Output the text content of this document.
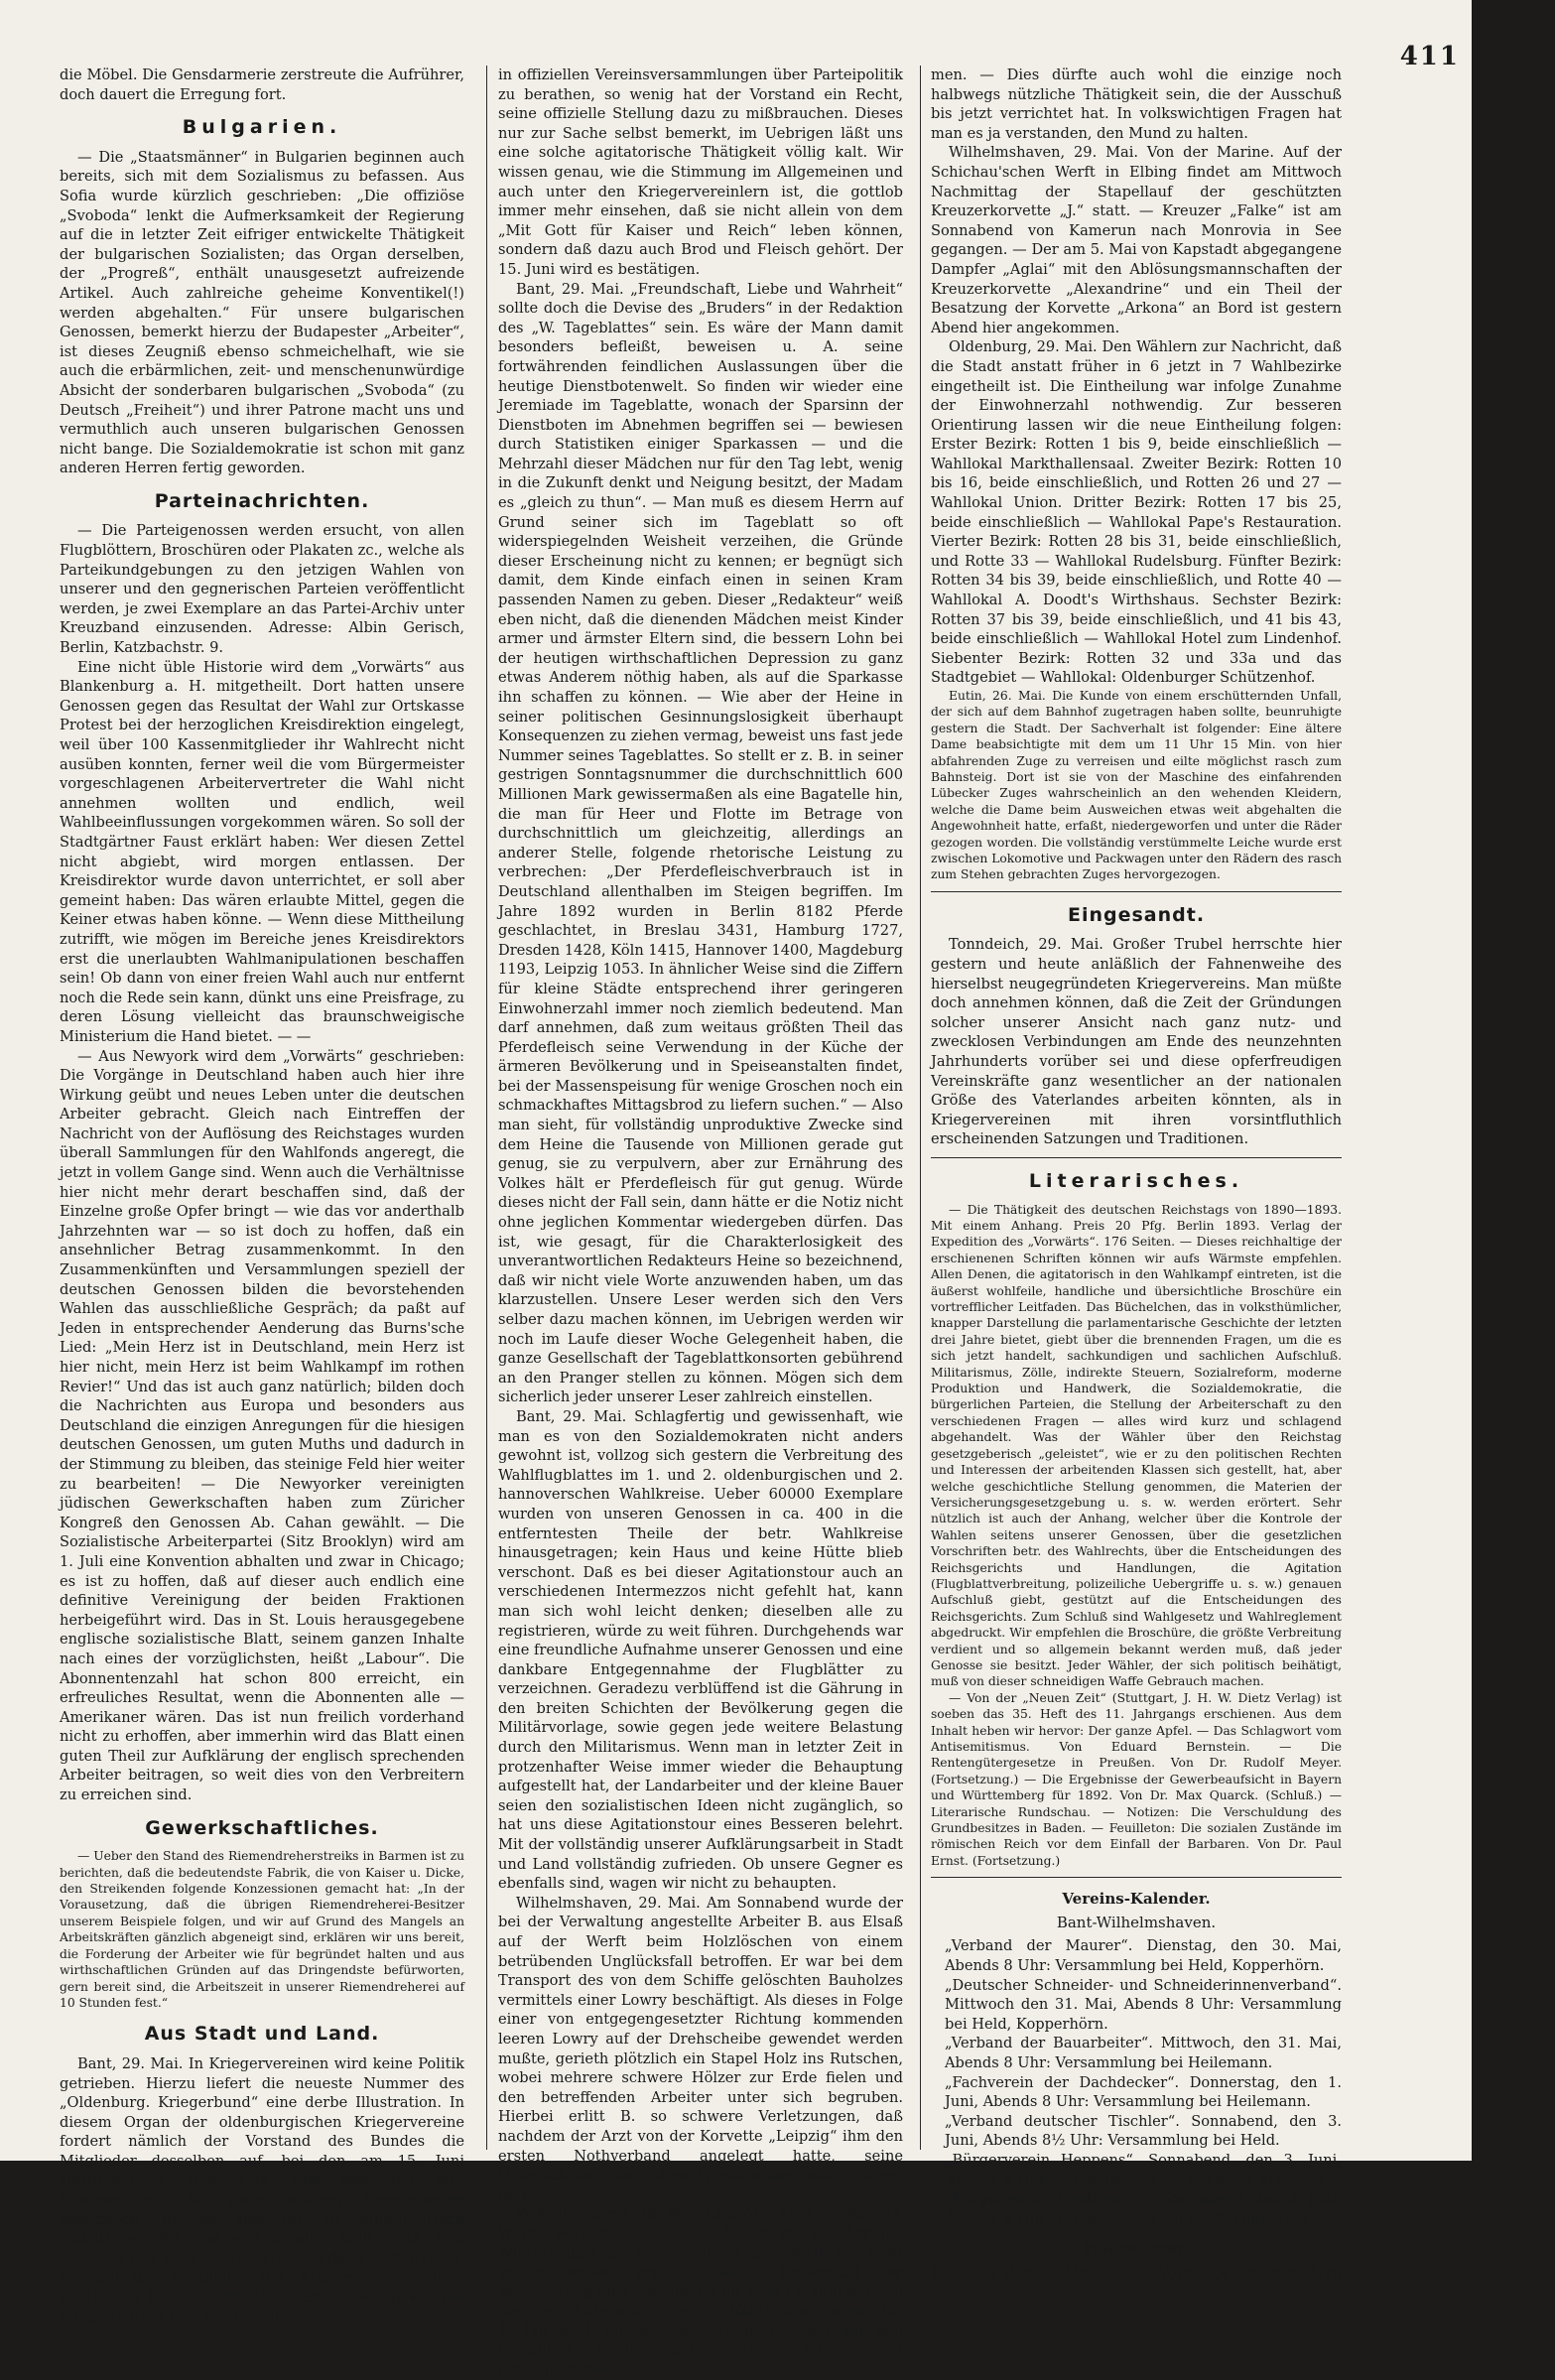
411

die Möbel. Die Gensdarmerie zerstreute die Aufrührer, doch dauert die Erregung fort.

Bulgarien.

— Die „Staatsmänner“ in Bulgarien beginnen auch bereits, sich mit dem Sozialismus zu befassen. Aus Sofia wurde kürzlich geschrieben: „Die offiziöse „Svoboda“ lenkt die Aufmerksamkeit der Regierung auf die in letzter Zeit eifriger entwickelte Thätigkeit der bulgarischen Sozialisten; das Organ derselben, der „Progreß“, enthält unausgesetzt aufreizende Artikel. Auch zahlreiche geheime Konventikel(!) werden abgehalten.“ Für unsere bulgarischen Genossen, bemerkt hierzu der Budapester „Arbeiter“, ist dieses Zeugniß ebenso schmeichelhaft, wie sie auch die erbärmlichen, zeit- und menschenunwürdige Absicht der sonderbaren bulgarischen „Svoboda“ (zu Deutsch „Freiheit“) und ihrer Patrone macht uns und vermuthlich auch unseren bulgarischen Genossen nicht bange. Die Sozialdemokratie ist schon mit ganz anderen Herren fertig geworden.

Parteinachrichten.

— Die Parteigenossen werden ersucht, von allen Flugblöttern, Broschüren oder Plakaten zc., welche als Parteikundgebungen zu den jetzigen Wahlen von unserer und den gegnerischen Parteien veröffentlicht werden, je zwei Exemplare an das Partei-Archiv unter Kreuzband einzusenden. Adresse: Albin Gerisch, Berlin, Katzbachstr. 9.

Eine nicht üble Historie wird dem „Vorwärts“ aus Blankenburg a. H. mitgetheilt. Dort hatten unsere Genossen gegen das Resultat der Wahl zur Ortskasse Protest bei der herzoglichen Kreisdirektion eingelegt, weil über 100 Kassenmitglieder ihr Wahlrecht nicht ausüben konnten, ferner weil die vom Bürgermeister vorgeschlagenen Arbeitervertreter die Wahl nicht annehmen wollten und endlich, weil Wahlbeeinflussungen vorgekommen wären. So soll der Stadtgärtner Faust erklärt haben: Wer diesen Zettel nicht abgiebt, wird morgen entlassen. Der Kreisdirektor wurde davon unterrichtet, er soll aber gemeint haben: Das wären erlaubte Mittel, gegen die Keiner etwas haben könne. — Wenn diese Mittheilung zutrifft, wie mögen im Bereiche jenes Kreisdirektors erst die unerlaubten Wahlmanipulationen beschaffen sein! Ob dann von einer freien Wahl auch nur entfernt noch die Rede sein kann, dünkt uns eine Preisfrage, zu deren Lösung vielleicht das braunschweigische Ministerium die Hand bietet. — —

— Aus Newyork wird dem „Vorwärts“ geschrieben: Die Vorgänge in Deutschland haben auch hier ihre Wirkung geübt und neues Leben unter die deutschen Arbeiter gebracht. Gleich nach Eintreffen der Nachricht von der Auflösung des Reichstages wurden überall Sammlungen für den Wahlfonds angeregt, die jetzt in vollem Gange sind. Wenn auch die Verhältnisse hier nicht mehr derart beschaffen sind, daß der Einzelne große Opfer bringt — wie das vor anderthalb Jahrzehnten war — so ist doch zu hoffen, daß ein ansehnlicher Betrag zusammenkommt. In den Zusammenkünften und Versammlungen speziell der deutschen Genossen bilden die bevorstehenden Wahlen das ausschließliche Gespräch; da paßt auf Jeden in entsprechender Aenderung das Burns'sche Lied: „Mein Herz ist in Deutschland, mein Herz ist hier nicht, mein Herz ist beim Wahlkampf im rothen Revier!“ Und das ist auch ganz natürlich; bilden doch die Nachrichten aus Europa und besonders aus Deutschland die einzigen Anregungen für die hiesigen deutschen Genossen, um guten Muths und dadurch in der Stimmung zu bleiben, das steinige Feld hier weiter zu bearbeiten! — Die Newyorker vereinigten jüdischen Gewerkschaften haben zum Züricher Kongreß den Genossen Ab. Cahan gewählt. — Die Sozialistische Arbeiterpartei (Sitz Brooklyn) wird am 1. Juli eine Konvention abhalten und zwar in Chicago; es ist zu hoffen, daß auf dieser auch endlich eine definitive Vereinigung der beiden Fraktionen herbeigeführt wird. Das in St. Louis herausgegebene englische sozialistische Blatt, seinem ganzen Inhalte nach eines der vorzüglichsten, heißt „Labour“. Die Abonnentenzahl hat schon 800 erreicht, ein erfreuliches Resultat, wenn die Abonnenten alle — Amerikaner wären. Das ist nun freilich vorderhand nicht zu erhoffen, aber immerhin wird das Blatt einen guten Theil zur Aufklärung der englisch sprechenden Arbeiter beitragen, so weit dies von den Verbreitern zu erreichen sind.

Gewerkschaftliches.

— Ueber den Stand des Riemendreherstreiks in Barmen ist zu berichten, daß die bedeutendste Fabrik, die von Kaiser u. Dicke, den Streikenden folgende Konzessionen gemacht hat: „In der Vorausetzung, daß die übrigen Riemendreherei-Besitzer unserem Beispiele folgen, und wir auf Grund des Mangels an Arbeitskräften gänzlich abgeneigt sind, erklären wir uns bereit, die Forderung der Arbeiter wie für begründet halten und aus wirthschaftlichen Gründen auf das Dringendste befürworten, gern bereit sind, die Arbeitszeit in unserer Riemendreherei auf 10 Stunden fest.“

Aus Stadt und Land.

Bant, 29. Mai. In Kriegervereinen wird keine Politik getrieben. Hierzu liefert die neueste Nummer des „Oldenburg. Kriegerbund“ eine derbe Illustration. In diesem Organ der oldenburgischen Kriegervereine fordert nämlich der Vorstand des Bundes die Mitglieder desselben auf, bei den am 15. Juni stattfindenden Neuwahlen zum Reichstag ihre Stimmen nur für einen solchen Abgeordneten abzugeben, welcher sich für die Militärvorlage eintritt. — Wer und was in aller Welt giebt dem Vorstand das Recht, seine Stellung dazu zu benutzen, um auf die Mitglieder der Kriegervereine einen politischen Einfluß auszuüben? Ebensowenig wie die Mitglieder ein Recht haben, ihr

in offiziellen Vereinsversammlungen über Parteipolitik zu berathen, so wenig hat der Vorstand ein Recht, seine offizielle Stellung dazu zu mißbrauchen. Dieses nur zur Sache selbst bemerkt, im Uebrigen läßt uns eine solche agitatorische Thätigkeit völlig kalt. Wir wissen genau, wie die Stimmung im Allgemeinen und auch unter den Kriegervereinlern ist, die gottlob immer mehr einsehen, daß sie nicht allein von dem „Mit Gott für Kaiser und Reich“ leben können, sondern daß dazu auch Brod und Fleisch gehört. Der 15. Juni wird es bestätigen.

Bant, 29. Mai. „Freundschaft, Liebe und Wahrheit“ sollte doch die Devise des „Bruders“ in der Redaktion des „W. Tageblattes“ sein. Es wäre der Mann damit besonders befleißt, beweisen u. A. seine fortwährenden feindlichen Auslassungen über die heutige Dienstbotenwelt. So finden wir wieder eine Jeremiade im Tageblatte, wonach der Sparsinn der Dienstboten im Abnehmen begriffen sei — bewiesen durch Statistiken einiger Sparkassen — und die Mehrzahl dieser Mädchen nur für den Tag lebt, wenig in die Zukunft denkt und Neigung besitzt, der Madam es „gleich zu thun“. — Man muß es diesem Herrn auf Grund seiner sich im Tageblatt so oft widerspiegelnden Weisheit verzeihen, die Gründe dieser Erscheinung nicht zu kennen; er begnügt sich damit, dem Kinde einfach einen in seinen Kram passenden Namen zu geben. Dieser „Redakteur“ weiß eben nicht, daß die dienenden Mädchen meist Kinder armer und ärmster Eltern sind, die bessern Lohn bei der heutigen wirthschaftlichen Depression zu ganz etwas Anderem nöthig haben, als auf die Sparkasse ihn schaffen zu können. — Wie aber der Heine in seiner politischen Gesinnungslosigkeit überhaupt Konsequenzen zu ziehen vermag, beweist uns fast jede Nummer seines Tageblattes. So stellt er z. B. in seiner gestrigen Sonntagsnummer die durchschnittlich 600 Millionen Mark gewissermaßen als eine Bagatelle hin, die man für Heer und Flotte im Betrage von durchschnittlich um gleichzeitig, allerdings an anderer Stelle, folgende rhetorische Leistung zu verbrechen: „Der Pferdefleischverbrauch ist in Deutschland allenthalben im Steigen begriffen. Im Jahre 1892 wurden in Berlin 8182 Pferde geschlachtet, in Breslau 3431, Hamburg 1727, Dresden 1428, Köln 1415, Hannover 1400, Magdeburg 1193, Leipzig 1053. In ähnlicher Weise sind die Ziffern für kleine Städte entsprechend ihrer geringeren Einwohnerzahl immer noch ziemlich bedeutend. Man darf annehmen, daß zum weitaus größten Theil das Pferdefleisch seine Verwendung in der Küche der ärmeren Bevölkerung und in Speiseanstalten findet, bei der Massenspeisung für wenige Groschen noch ein schmackhaftes Mittagsbrod zu liefern suchen.“ — Also man sieht, für vollständig unproduktive Zwecke sind dem Heine die Tausende von Millionen gerade gut genug, sie zu verpulvern, aber zur Ernährung des Volkes hält er Pferdefleisch für gut genug. Würde dieses nicht der Fall sein, dann hätte er die Notiz nicht ohne jeglichen Kommentar wiedergeben dürfen. Das ist, wie gesagt, für die Charakterlosigkeit des unverantwortlichen Redakteurs Heine so bezeichnend, daß wir nicht viele Worte anzuwenden haben, um das klarzustellen. Unsere Leser werden sich den Vers selber dazu machen können, im Uebrigen werden wir noch im Laufe dieser Woche Gelegenheit haben, die ganze Gesellschaft der Tageblattkonsorten gebührend an den Pranger stellen zu können. Mögen sich dem sicherlich jeder unserer Leser zahlreich einstellen.

Bant, 29. Mai. Schlagfertig und gewissenhaft, wie man es von den Sozialdemokraten nicht anders gewohnt ist, vollzog sich gestern die Verbreitung des Wahlflugblattes im 1. und 2. oldenburgischen und 2. hannoverschen Wahlkreise. Ueber 60000 Exemplare wurden von unseren Genossen in ca. 400 in die entferntesten Theile der betr. Wahlkreise hinausgetragen; kein Haus und keine Hütte blieb verschont. Daß es bei dieser Agitationstour auch an verschiedenen Intermezzos nicht gefehlt hat, kann man sich wohl leicht denken; dieselben alle zu registrieren, würde zu weit führen. Durchgehends war eine freundliche Aufnahme unserer Genossen und eine dankbare Entgegennahme der Flugblätter zu verzeichnen. Geradezu verblüffend ist die Gährung in den breiten Schichten der Bevölkerung gegen die Militärvorlage, sowie gegen jede weitere Belastung durch den Militarismus. Wenn man in letzter Zeit in protzenhafter Weise immer wieder die Behauptung aufgestellt hat, der Landarbeiter und der kleine Bauer seien den sozialistischen Ideen nicht zugänglich, so hat uns diese Agitationstour eines Besseren belehrt. Mit der vollständig unserer Aufklärungsarbeit in Stadt und Land vollständig zufrieden. Ob unsere Gegner es ebenfalls sind, wagen wir nicht zu behaupten.

Wilhelmshaven, 29. Mai. Am Sonnabend wurde der bei der Verwaltung angestellte Arbeiter B. aus Elsaß auf der Werft beim Holzlöschen von einem betrübenden Unglücksfall betroffen. Er war bei dem Transport des von dem Schiffe gelöschten Bauholzes vermittels einer Lowry beschäftigt. Als dieses in Folge einer von entgegengesetzter Richtung kommenden leeren Lowry auf der Drehscheibe gewendet werden mußte, gerieth plötzlich ein Stapel Holz ins Rutschen, wobei mehrere schwere Hölzer zur Erde fielen und den betreffenden Arbeiter unter sich begruben. Hierbei erlitt B. so schwere Verletzungen, daß nachdem der Arzt von der Korvette „Leipzig“ ihm den ersten Nothverband angelegt hatte, seine Ueberführung nach dem Werftkrankenhaus erfolgen mußte.

Wilhelmshaven, 29. Mai. Laut Anschlag der Kaiserl. Werft werden Diejenigen, die ihren diesjährigen Winterbedarf an Kohlen durch die Werft beschafft wissen wollen, ersucht, behufs Uebersicht der Betheiligung ihre Anmeldung bis zum 14. Juni d. J. bei den resp. Mitgliedern des Wohlfahrts-Ausschusses bis 1. Juli d. J. einzureichen. Theilzahlungen auf den bestellten Kohlenbedarf werden schon jetzt entgegengenom-

men. — Dies dürfte auch wohl die einzige noch halbwegs nützliche Thätigkeit sein, die der Ausschuß bis jetzt verrichtet hat. In volkswichtigen Fragen hat man es ja verstanden, den Mund zu halten.

Wilhelmshaven, 29. Mai. Von der Marine. Auf der Schichau'schen Werft in Elbing findet am Mittwoch Nachmittag der Stapellauf der geschützten Kreuzerkorvette „J.“ statt. — Kreuzer „Falke“ ist am Sonnabend von Kamerun nach Monrovia in See gegangen. — Der am 5. Mai von Kapstadt abgegangene Dampfer „Aglai“ mit den Ablösungsmannschaften der Kreuzerkorvette „Alexandrine“ und ein Theil der Besatzung der Korvette „Arkona“ an Bord ist gestern Abend hier angekommen.

Oldenburg, 29. Mai. Den Wählern zur Nachricht, daß die Stadt anstatt früher in 6 jetzt in 7 Wahlbezirke eingetheilt ist. Die Eintheilung war infolge Zunahme der Einwohnerzahl nothwendig. Zur besseren Orientirung lassen wir die neue Eintheilung folgen: Erster Bezirk: Rotten 1 bis 9, beide einschließlich — Wahllokal Markthallensaal. Zweiter Bezirk: Rotten 10 bis 16, beide einschließlich, und Rotten 26 und 27 — Wahllokal Union. Dritter Bezirk: Rotten 17 bis 25, beide einschließlich — Wahllokal Pape's Restauration. Vierter Bezirk: Rotten 28 bis 31, beide einschließlich, und Rotte 33 — Wahllokal Rudelsburg. Fünfter Bezirk: Rotten 34 bis 39, beide einschließlich, und Rotte 40 — Wahllokal A. Doodt's Wirthshaus. Sechster Bezirk: Rotten 37 bis 39, beide einschließlich, und 41 bis 43, beide einschließlich — Wahllokal Hotel zum Lindenhof. Siebenter Bezirk: Rotten 32 und 33a und das Stadtgebiet — Wahllokal: Oldenburger Schützenhof.

Eutin, 26. Mai. Die Kunde von einem erschütternden Unfall, der sich auf dem Bahnhof zugetragen haben sollte, beunruhigte gestern die Stadt. Der Sachverhalt ist folgender: Eine ältere Dame beabsichtigte mit dem um 11 Uhr 15 Min. von hier abfahrenden Zuge zu verreisen und eilte möglichst rasch zum Bahnsteig. Dort ist sie von der Maschine des einfahrenden Lübecker Zuges wahrscheinlich an den wehenden Kleidern, welche die Dame beim Ausweichen etwas weit abgehalten die Angewohnheit hatte, erfaßt, niedergeworfen und unter die Räder gezogen worden. Die vollständig verstümmelte Leiche wurde erst zwischen Lokomotive und Packwagen unter den Rädern des rasch zum Stehen gebrachten Zuges hervorgezogen.

Eingesandt.

Tonndeich, 29. Mai. Großer Trubel herrschte hier gestern und heute anläßlich der Fahnenweihe des hierselbst neugegründeten Kriegervereins. Man müßte doch annehmen können, daß die Zeit der Gründungen solcher unserer Ansicht nach ganz nutz- und zwecklosen Verbindungen am Ende des neunzehnten Jahrhunderts vorüber sei und diese opferfreudigen Vereinskräfte ganz wesentlicher an der nationalen Größe des Vaterlandes arbeiten könnten, als in Kriegervereinen mit ihren vorsintfluthlich erscheinenden Satzungen und Traditionen.

Literarisches.

— Die Thätigkeit des deutschen Reichstags von 1890—1893. Mit einem Anhang. Preis 20 Pfg. Berlin 1893. Verlag der Expedition des „Vorwärts“. 176 Seiten. — Dieses reichhaltige der erschienenen Schriften können wir aufs Wärmste empfehlen. Allen Denen, die agitatorisch in den Wahlkampf eintreten, ist die äußerst wohlfeile, handliche und übersichtliche Broschüre ein vortrefflicher Leitfaden. Das Büchelchen, das in volksthümlicher, knapper Darstellung die parlamentarische Geschichte der letzten drei Jahre bietet, giebt über die brennenden Fragen, um die es sich jetzt handelt, sachkundigen und sachlichen Aufschluß. Militarismus, Zölle, indirekte Steuern, Sozialreform, moderne Produktion und Handwerk, die Sozialdemokratie, die bürgerlichen Parteien, die Stellung der Arbeiterschaft zu den verschiedenen Fragen — alles wird kurz und schlagend abgehandelt. Was der Wähler über den Reichstag gesetzgeberisch „geleistet“, wie er zu den politischen Rechten und Interessen der arbeitenden Klassen sich gestellt, hat, aber welche geschichtliche Stellung genommen, die Materien der Versicherungsgesetzgebung u. s. w. werden erörtert. Sehr nützlich ist auch der Anhang, welcher über die Kontrole der Wahlen seitens unserer Genossen, über die gesetzlichen Vorschriften betr. des Wahlrechts, über die Entscheidungen des Reichsgerichts und Handlungen, die Agitation (Flugblattverbreitung, polizeiliche Uebergriffe u. s. w.) genauen Aufschluß giebt, gestützt auf die Entscheidungen des Reichsgerichts. Zum Schluß sind Wahlgesetz und Wahlreglement abgedruckt. Wir empfehlen die Broschüre, die größte Verbreitung verdient und so allgemein bekannt werden muß, daß jeder Genosse sie besitzt. Jeder Wähler, der sich politisch beihätigt, muß von dieser schneidigen Waffe Gebrauch machen.

— Von der „Neuen Zeit“ (Stuttgart, J. H. W. Dietz Verlag) ist soeben das 35. Heft des 11. Jahrgangs erschienen. Aus dem Inhalt heben wir hervor: Der ganze Apfel. — Das Schlagwort vom Antisemitismus. Von Eduard Bernstein. — Die Rentengütergesetze in Preußen. Von Dr. Rudolf Meyer. (Fortsetzung.) — Die Ergebnisse der Gewerbeaufsicht in Bayern und Württemberg für 1892. Von Dr. Max Quarck. (Schluß.) — Literarische Rundschau. — Notizen: Die Verschuldung des Grundbesitzes in Baden. — Feuilleton: Die sozialen Zustände im römischen Reich vor dem Einfall der Barbaren. Von Dr. Paul Ernst. (Fortsetzung.)

Vereins-Kalender.
Bant-Wilhelmshaven.

„Verband der Maurer“. Dienstag, den 30. Mai, Abends 8 Uhr: Versammlung bei Held, Kopperhörn.

„Deutscher Schneider- und Schneiderinnenverband“. Mittwoch den 31. Mai, Abends 8 Uhr: Versammlung bei Held, Kopperhörn.

„Verband der Bauarbeiter“. Mittwoch, den 31. Mai, Abends 8 Uhr: Versammlung bei Heilemann.

„Fachverein der Dachdecker“. Donnerstag, den 1. Juni, Abends 8 Uhr: Versammlung bei Heilemann.

„Verband deutscher Tischler“. Sonnabend, den 3. Juni, Abends 8½ Uhr: Versammlung bei Held.

„Bürgerverein Heppens“. Sonnabend, den 3. Juni, Abends 8 Uhr: Versammlung bei Sachtjen, Heppens.

„Bürgerverein Neubremen“. Sonnabend, den 3. Juni, Abends 8 Uhr: Versammlung bei Held, Kopperhörn.

Hochwasser.
Dienstag, den 30. Mai	Vorm. 0,47, Nachm. 1,70
